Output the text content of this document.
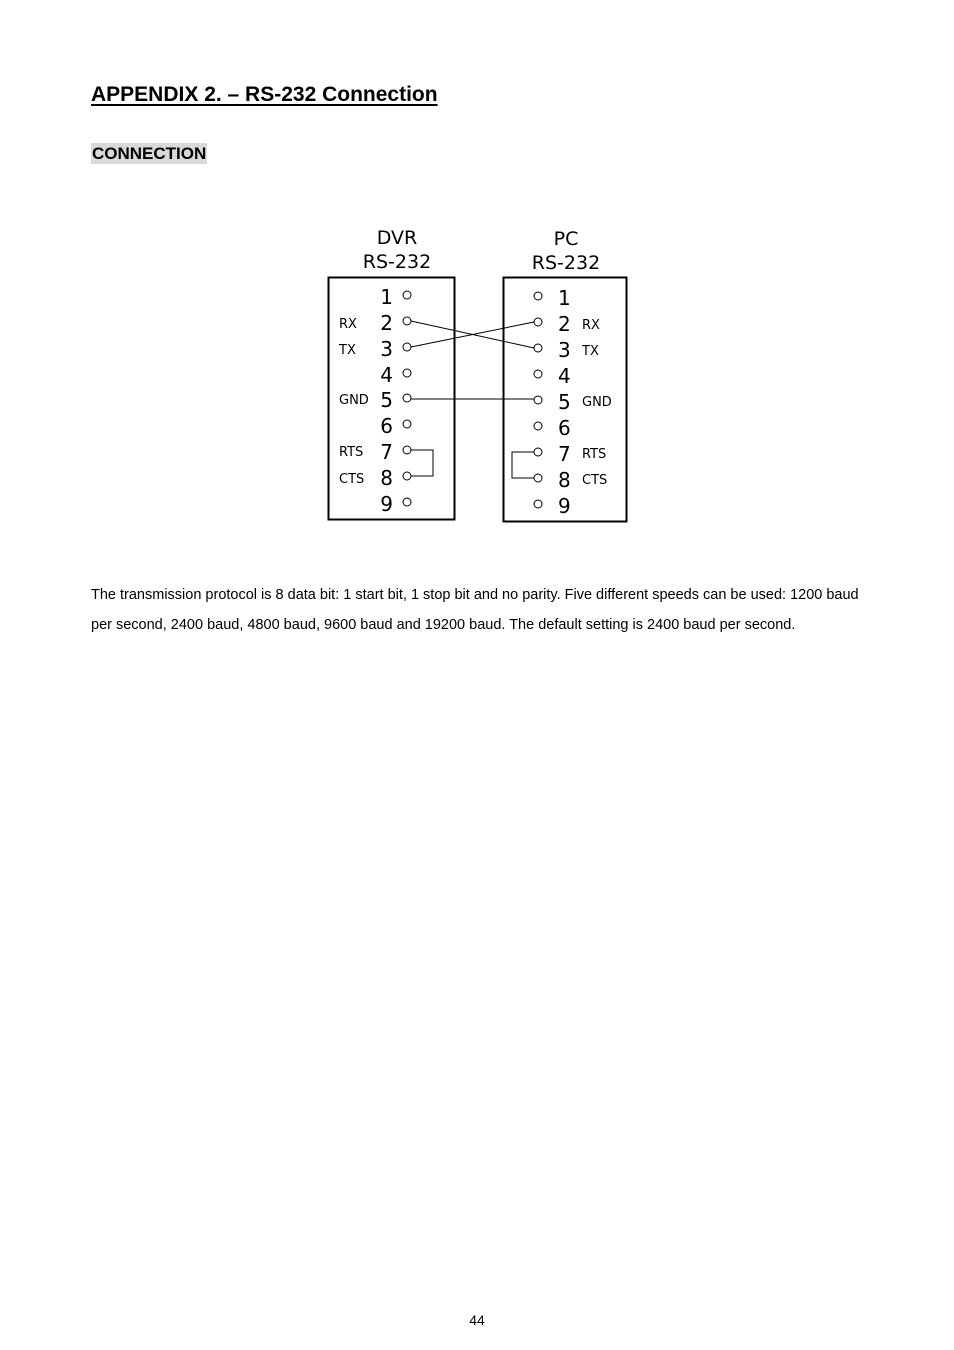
APPENDIX 2. – RS-232 Connection
CONNECTION
DVR
RS-232
PC
RS-232
1
RX 2
TX 3
4
GND 5
6
RTS 7
CTS 8
9
1
2 RX
3 TX
4
5 GND
6
7 RTS
8 CTS
9

The transmission protocol is 8 data bit: 1 start bit, 1 stop bit and no parity. Five different speeds can be used: 1200 baud per second, 2400 baud, 4800 baud, 9600 baud and 19200 baud. The default setting is 2400 baud per second.

44
